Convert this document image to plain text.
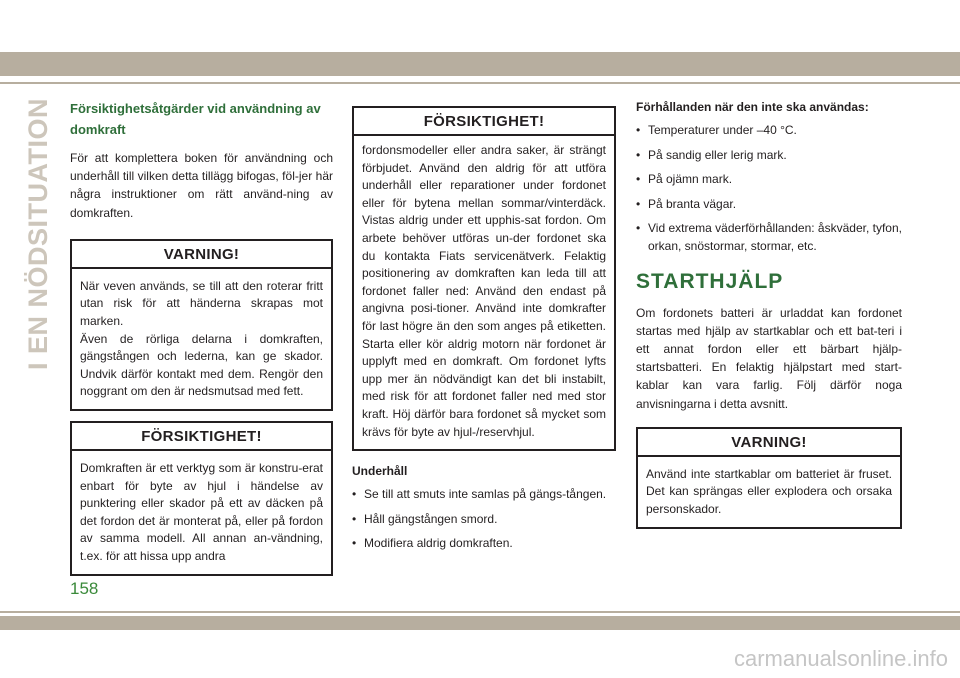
I EN NÖDSITUATION Försiktighetsåtgärder vid användning av
domkraft

För att komplettera boken för användning och underhåll till vilken detta tillägg bifogas, föl-jer här några instruktioner om rätt använd-ning av domkraften.

VARNING!

När veven används, se till att den roterar fritt utan risk för att händerna skrapas mot marken.

Även de rörliga delarna i domkraften, gängstången och lederna, kan ge skador. Undvik därför kontakt med dem. Rengör den noggrant om den är nedsmutsad med fett.

FÖRSIKTIGHET!
Domkraften är ett verktyg som är konstru-erat enbart för byte av hjul i händelse av punktering eller skador på ett av däcken på det fordon det är monterat på, eller på fordon av samma modell. All annan an-vändning, t.ex. för att hissa upp andra
FÖRSIKTIGHET!
fordonsmodeller eller andra saker, är strängt förbjudet. Använd den aldrig för att utföra underhåll eller reparationer under fordonet eller för bytena mellan sommar/vinterdäck. Vistas aldrig under ett upphis-sat fordon. Om arbete behöver utföras un-der fordonet ska du kontakta Fiats servicenätverk. Felaktig positionering av domkraften kan leda till att fordonet faller ned: Använd den endast på angivna posi-tioner. Använd inte domkrafter för last högre än den som anges på etiketten. Starta eller kör aldrig motorn när fordonet är upplyft med en domkraft. Om fordonet lyfts upp mer än nödvändigt kan det bli instabilt, med risk för att fordonet faller ned med stor kraft. Höj därför bara fordonet så mycket som krävs för byte av hjul-/reservhjul.
Underhåll
• Se till att smuts inte samlas på gängs-tången.
• Håll gängstången smord.
• Modifiera aldrig domkraften.
Förhållanden när den inte ska användas:
• Temperaturer under –40 °C.
• På sandig eller lerig mark.
• På ojämn mark.
• På branta vägar.
• Vid extrema väderförhållanden: åskväder, tyfon, orkan, snöstormar, stormar, etc.
STARTHJÄLP

Om fordonets batteri är urladdat kan fordonet startas med hjälp av startkablar och ett bat-teri i ett annat fordon eller ett bärbart hjälp-startsbatteri. En felaktig hjälpstart med start-kablar kan vara farlig. Följ därför noga anvisningarna i detta avsnitt.

VARNING!
Använd inte startkablar om batteriet är fruset. Det kan sprängas eller explodera och orsaka personskador.
158
carmanualsonline.info
